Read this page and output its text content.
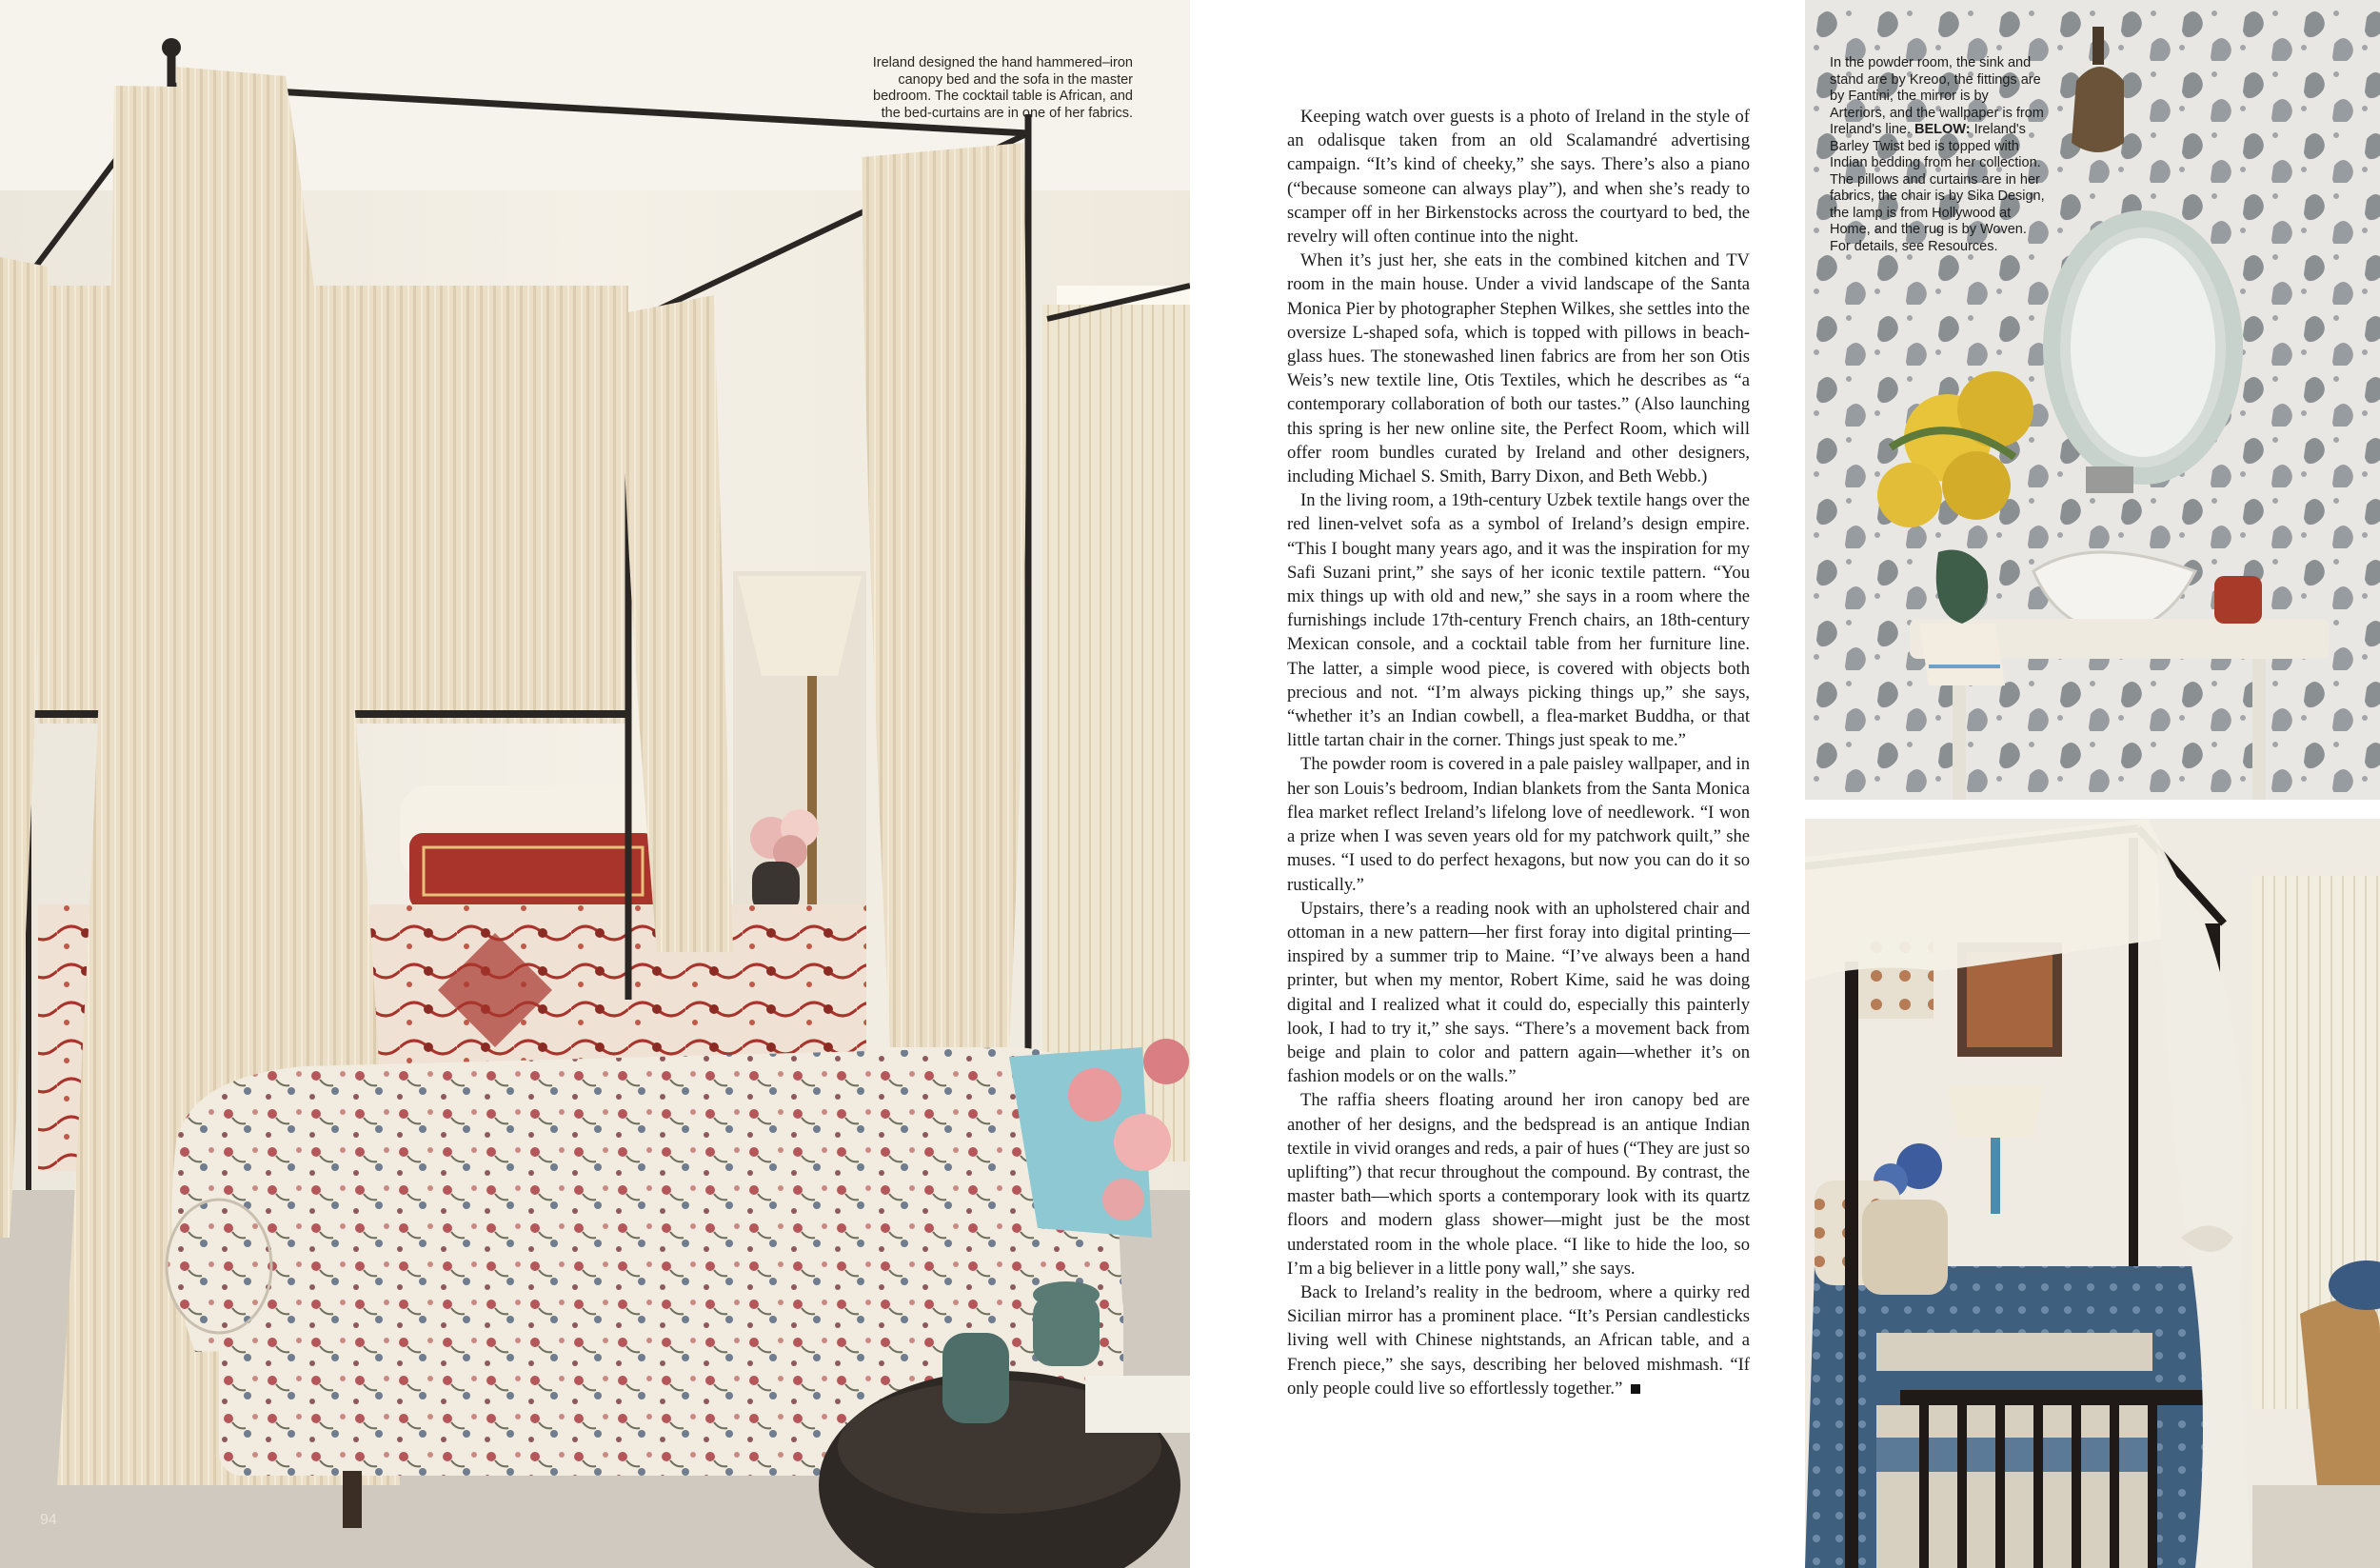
Ireland designed the hand hammered–iron canopy bed and the sofa in the master bedroom. The cocktail table is African, and the bed-curtains are in one of her fabrics.
94

Keeping watch over guests is a photo of Ireland in the style of an odalisque taken from an old Scalamandré advertising campaign. “It’s kind of cheeky,” she says. There’s also a piano (“because someone can always play”), and when she’s ready to scamper off in her Birkenstocks across the courtyard to bed, the revelry will often continue into the night.

When it’s just her, she eats in the combined kitchen and TV room in the main house. Under a vivid landscape of the Santa Monica Pier by photographer Stephen Wilkes, she settles into the oversize L-shaped sofa, which is topped with pillows in beach-glass hues. The stonewashed linen fabrics are from her son Otis Weis’s new textile line, Otis Textiles, which he describes as “a contemporary collaboration of both our tastes.” (Also launching this spring is her new online site, the Perfect Room, which will offer room bundles curated by Ireland and other designers, including Michael S. Smith, Barry Dixon, and Beth Webb.)

In the living room, a 19th-century Uzbek textile hangs over the red linen-velvet sofa as a symbol of Ireland’s design empire. “This I bought many years ago, and it was the inspiration for my Safi Suzani print,” she says of her iconic textile pattern. “You mix things up with old and new,” she says in a room where the furnishings include 17th-century French chairs, an 18th-century Mexican console, and a cocktail table from her furniture line. The latter, a simple wood piece, is covered with objects both precious and not. “I’m always picking things up,” she says, “whether it’s an Indian cowbell, a flea-market Buddha, or that little tartan chair in the corner. Things just speak to me.”

The powder room is covered in a pale paisley wallpaper, and in her son Louis’s bedroom, Indian blankets from the Santa Monica flea market reflect Ireland’s lifelong love of needlework. “I won a prize when I was seven years old for my patchwork quilt,” she muses. “I used to do perfect hexagons, but now you can do it so rustically.”

Upstairs, there’s a reading nook with an upholstered chair and ottoman in a new pattern—her first foray into digital printing—inspired by a summer trip to Maine. “I’ve always been a hand printer, but when my mentor, Robert Kime, said he was doing digital and I realized what it could do, especially this painterly look, I had to try it,” she says. “There’s a movement back from beige and plain to color and pattern again—whether it’s on fashion models or on the walls.”

The raffia sheers floating around her iron canopy bed are another of her designs, and the bedspread is an antique Indian textile in vivid oranges and reds, a pair of hues (“They are just so uplifting”) that recur throughout the compound. By contrast, the master bath—which sports a contemporary look with its quartz floors and modern glass shower—might just be the most understated room in the whole place. “I like to hide the loo, so I’m a big believer in a little pony wall,” she says.

Back to Ireland’s reality in the bedroom, where a quirky red Sicilian mirror has a prominent place. “It’s Persian candlesticks living well with Chinese nightstands, an African table, and a French piece,” she says, describing her beloved mishmash. “If only people could live so effortlessly together.”

In the powder room, the sink and stand are by Kreoo, the fittings are by Fantini, the mirror is by Arteriors, and the wallpaper is from Ireland's line. BELOW: Ireland's Barley Twist bed is topped with Indian bedding from her collection. The pillows and curtains are in her fabrics, the chair is by Sika Design, the lamp is from Hollywood at Home, and the rug is by Woven. For details, see Resources.
